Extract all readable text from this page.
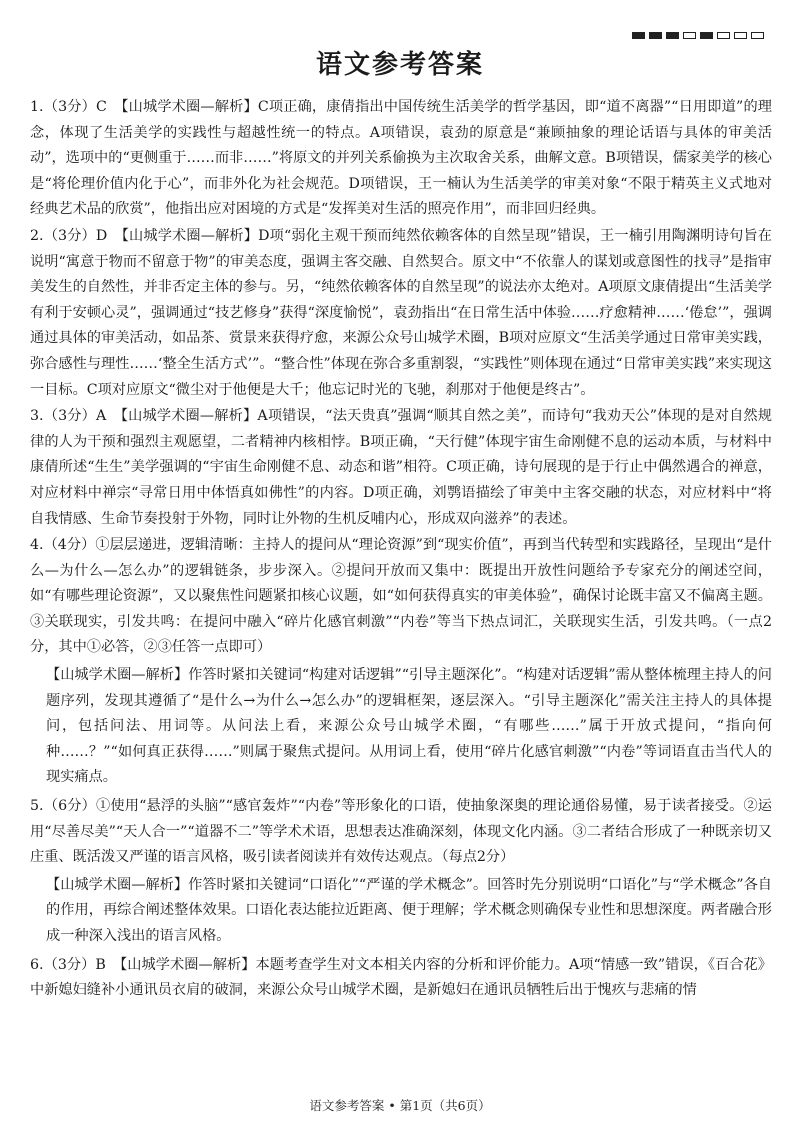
语文参考答案

1.（3分）C　【山城学术圈—解析】C项正确，康倩指出中国传统生活美学的哲学基因，即“道不离器”“日用即道”的理念，体现了生活美学的实践性与超越性统一的特点。A项错误，袁劲的原意是“兼顾抽象的理论话语与具体的审美活动”，选项中的“更侧重于……而非……”将原文的并列关系偷换为主次取舍关系，曲解文意。B项错误，儒家美学的核心是“将伦理价值内化于心”，而非外化为社会规范。D项错误，王一楠认为生活美学的审美对象“不限于精英主义式地对经典艺术品的欣赏”，他指出应对困境的方式是“发挥美对生活的照亮作用”，而非回归经典。

2.（3分）D　【山城学术圈—解析】D项“弱化主观干预而纯然依赖客体的自然呈现”错误，王一楠引用陶渊明诗句旨在说明“寓意于物而不留意于物”的审美态度，强调主客交融、自然契合。原文中“不依靠人的谋划或意图性的找寻”是指审美发生的自然性，并非否定主体的参与。另，“纯然依赖客体的自然呈现”的说法亦太绝对。A项原文康倩提出“生活美学有利于安顿心灵”，强调通过“技艺修身”获得“深度愉悦”，袁劲指出“在日常生活中体验……疗愈精神……‘倦怠’”，强调通过具体的审美活动，如品茶、赏景来获得疗愈，来源公众号山城学术圈，B项对应原文“生活美学通过日常审美实践，弥合感性与理性……‘整全生活方式’”。“整合性”体现在弥合多重割裂，“实践性”则体现在通过“日常审美实践”来实现这一目标。C项对应原文“微尘对于他便是大千；他忘记时光的飞驰，刹那对于他便是终古”。

3.（3分）A　【山城学术圈—解析】A项错误，“法天贵真”强调“顺其自然之美”，而诗句“我劝天公”体现的是对自然规律的人为干预和强烈主观愿望，二者精神内核相悖。B项正确，“天行健”体现宇宙生命刚健不息的运动本质，与材料中康倩所述“生生”美学强调的“宇宙生命刚健不息、动态和谐”相符。C项正确，诗句展现的是于行止中偶然遇合的禅意，对应材料中禅宗“寻常日用中体悟真如佛性”的内容。D项正确，刘鹗语描绘了审美中主客交融的状态，对应材料中“将自我情感、生命节奏投射于外物，同时让外物的生机反哺内心，形成双向滋养”的表述。

4.（4分）①层层递进，逻辑清晰：主持人的提问从“理论资源”到“现实价值”，再到当代转型和实践路径，呈现出“是什么—为什么—怎么办”的逻辑链条，步步深入。②提问开放而又集中：既提出开放性问题给予专家充分的阐述空间，如“有哪些理论资源”，又以聚焦性问题紧扣核心议题，如“如何获得真实的审美体验”，确保讨论既丰富又不偏离主题。③关联现实，引发共鸣：在提问中融入“碎片化感官刺激”“内卷”等当下热点词汇，关联现实生活，引发共鸣。（一点2分，其中①必答，②③任答一点即可）

【山城学术圈—解析】作答时紧扣关键词“构建对话逻辑”“引导主题深化”。“构建对话逻辑”需从整体梳理主持人的问题序列，发现其遵循了“是什么→为什么→怎么办”的逻辑框架，逐层深入。“引导主题深化”需关注主持人的具体提问，包括问法、用词等。从问法上看，来源公众号山城学术圈，“有哪些……”属于开放式提问，“指向何种……？”“如何真正获得……”则属于聚焦式提问。从用词上看，使用“碎片化感官刺激”“内卷”等词语直击当代人的现实痛点。

5.（6分）①使用“悬浮的头脑”“感官轰炸”“内卷”等形象化的口语，使抽象深奥的理论通俗易懂，易于读者接受。②运用“尽善尽美”“天人合一”“道器不二”等学术术语，思想表达准确深刻，体现文化内涵。③二者结合形成了一种既亲切又庄重、既活泼又严谨的语言风格，吸引读者阅读并有效传达观点。（每点2分）

【山城学术圈—解析】作答时紧扣关键词“口语化”“严谨的学术概念”。回答时先分别说明“口语化”与“学术概念”各自的作用，再综合阐述整体效果。口语化表达能拉近距离、便于理解；学术概念则确保专业性和思想深度。两者融合形成一种深入浅出的语言风格。

6.（3分）B　【山城学术圈—解析】本题考查学生对文本相关内容的分析和评价能力。A项“情感一致”错误，《百合花》中新媳妇缝补小通讯员衣肩的破洞，来源公众号山城学术圈，是新媳妇在通讯员牺牲后出于愧疚与悲痛的情

语文参考答案 • 第1页（共6页）
